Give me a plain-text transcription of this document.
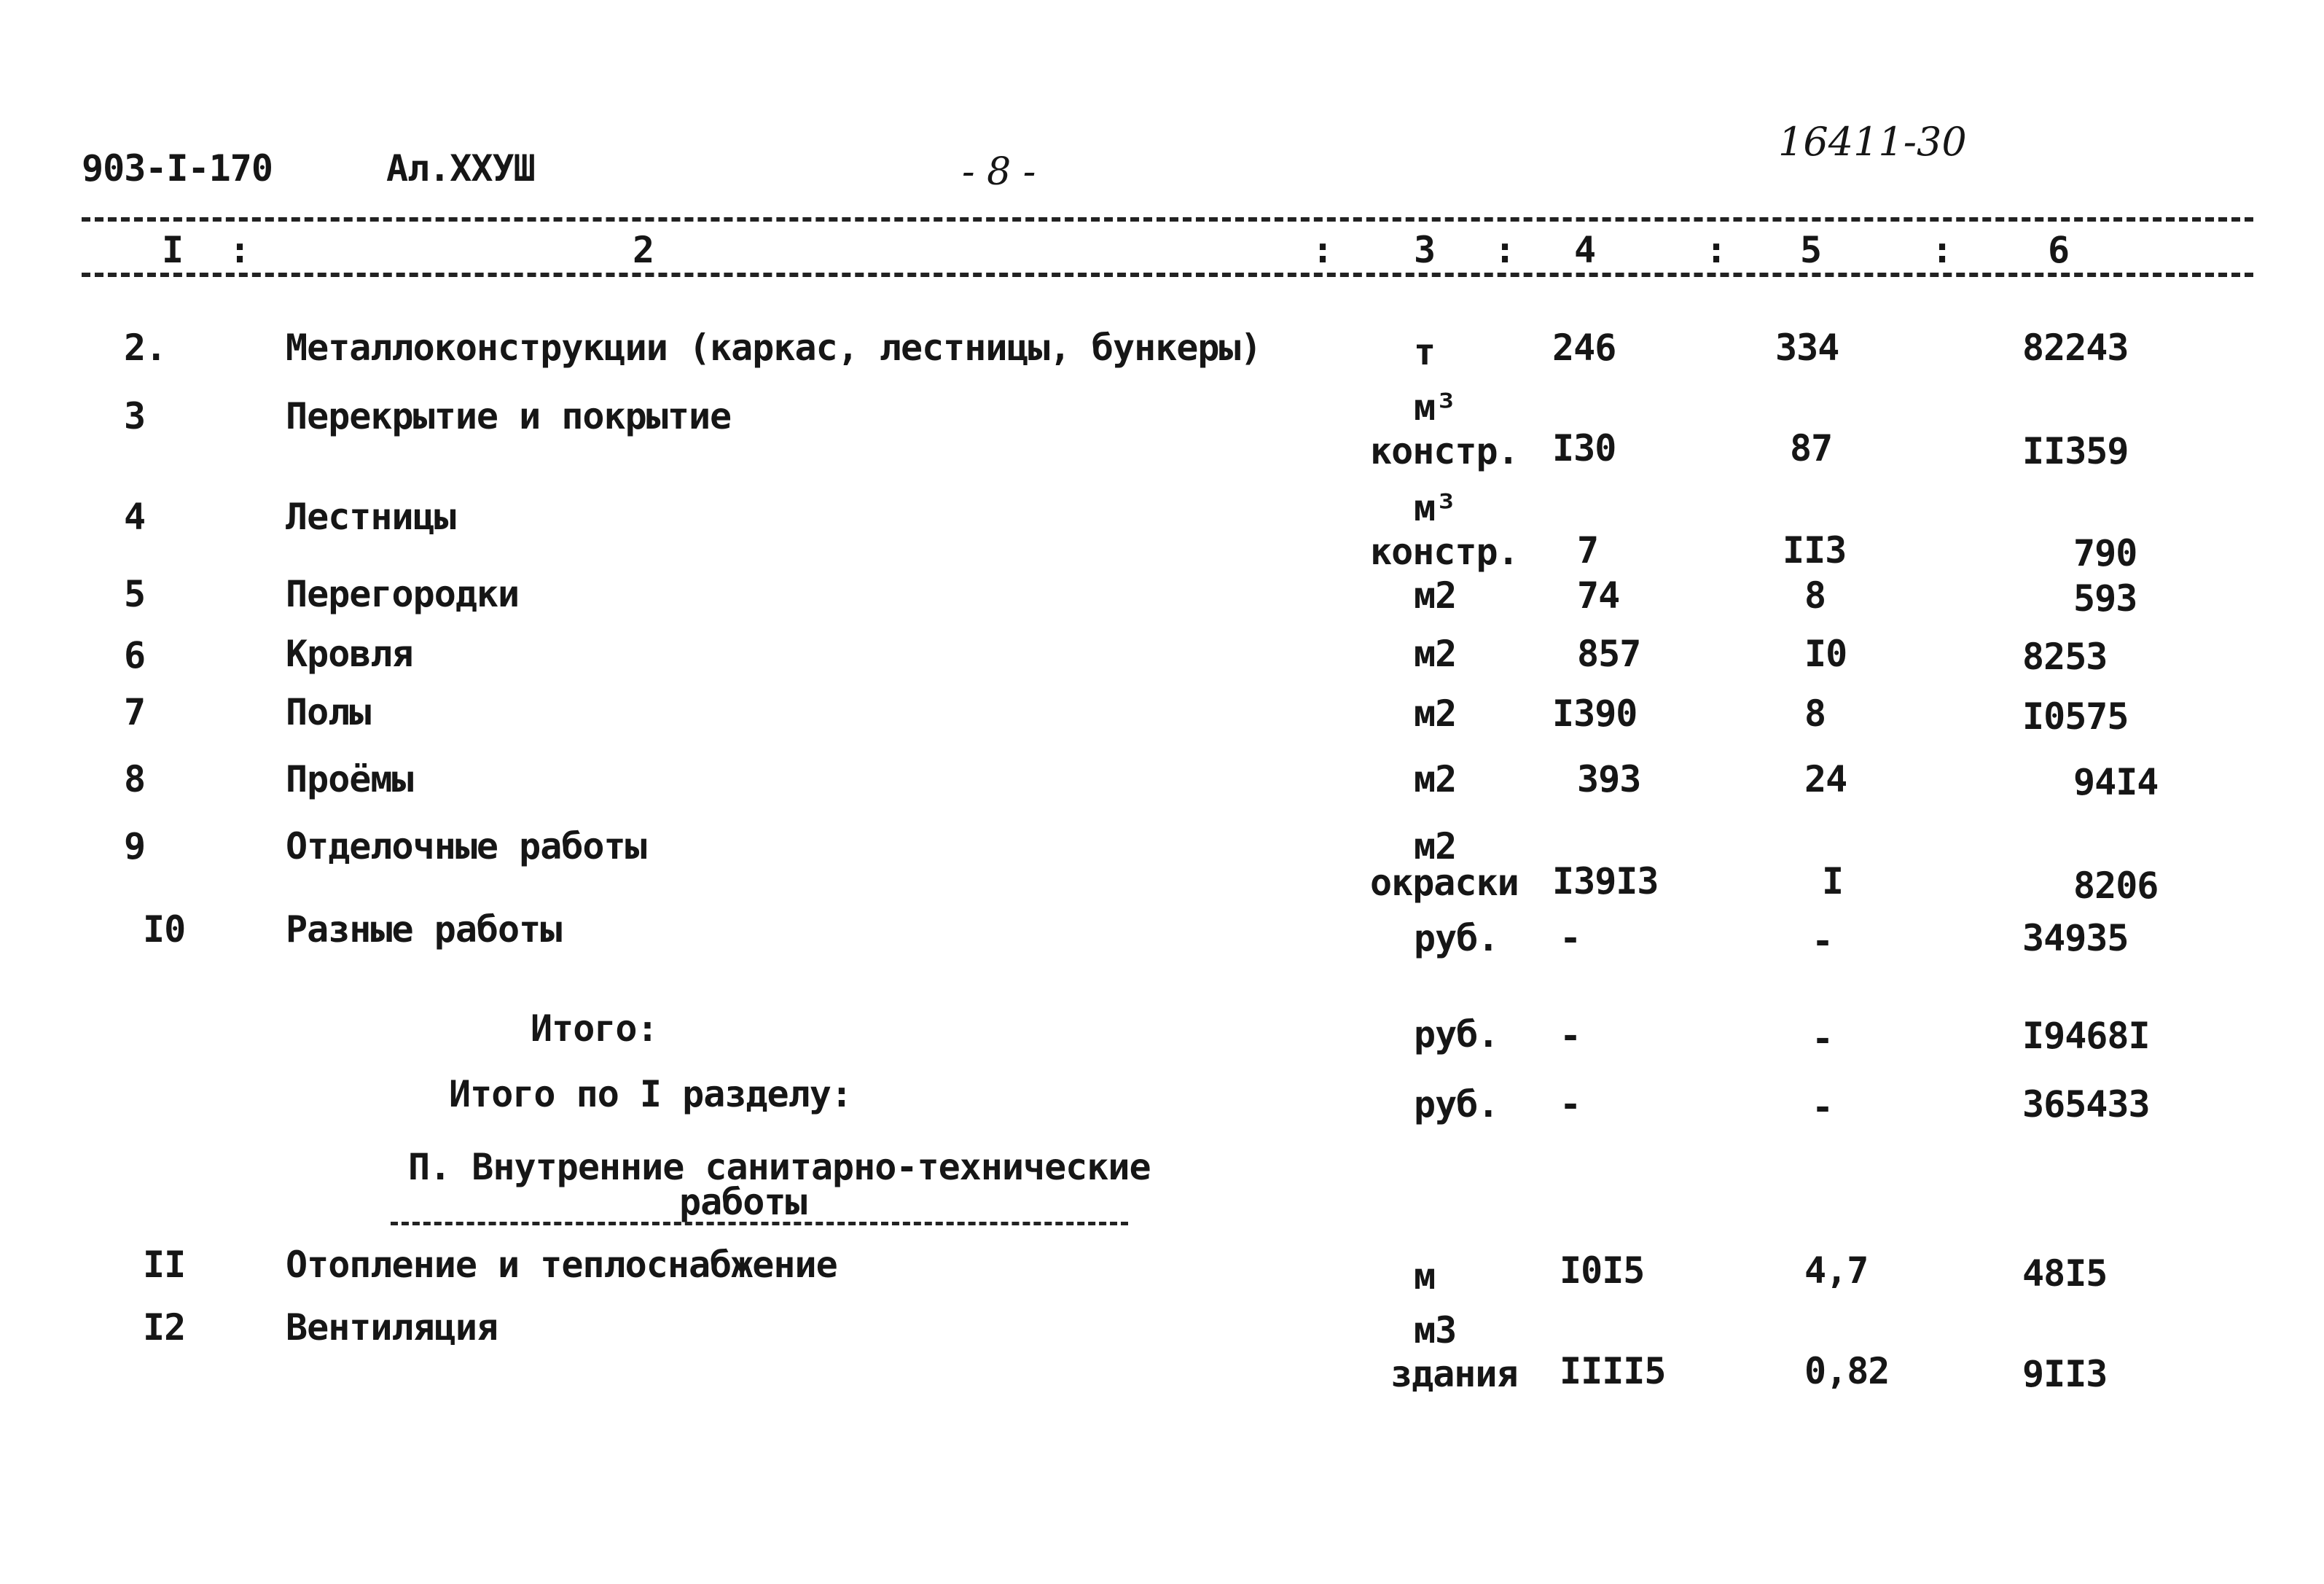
903-I-170	Ал.ХХУШ	- 8 -
16411-30
I :	2	: 3 : 4	: 5	:	6
2.	Металлоконструкции (каркас, лестницы, бункеры)	т	246	334	82243
3	Перекрытие и покрытие	м³
констр. I30	87	II359
4	Лестницы	м³
констр. 7	II3	790
5	Перегородки	м2	74	8	593
6	Кровля	м2	857	I0	8253
7	Полы	м2	I390	8	I0575
8	Проёмы	м2	393	24	94I4
9	Отделочные работы	м2
окраски I39I3	I	8206
I0	Разные работы	руб. -	-	34935
Итого:	руб. -	-	I9468I
Итого по I разделу:	руб. -	-	365433
П. Внутренние санитарно-технические
работы
II	Отопление и теплоснабжение	м	I0I5	4,7	48I5
I2	Вентиляция	м3
здания IIII5	0,82	9II3
